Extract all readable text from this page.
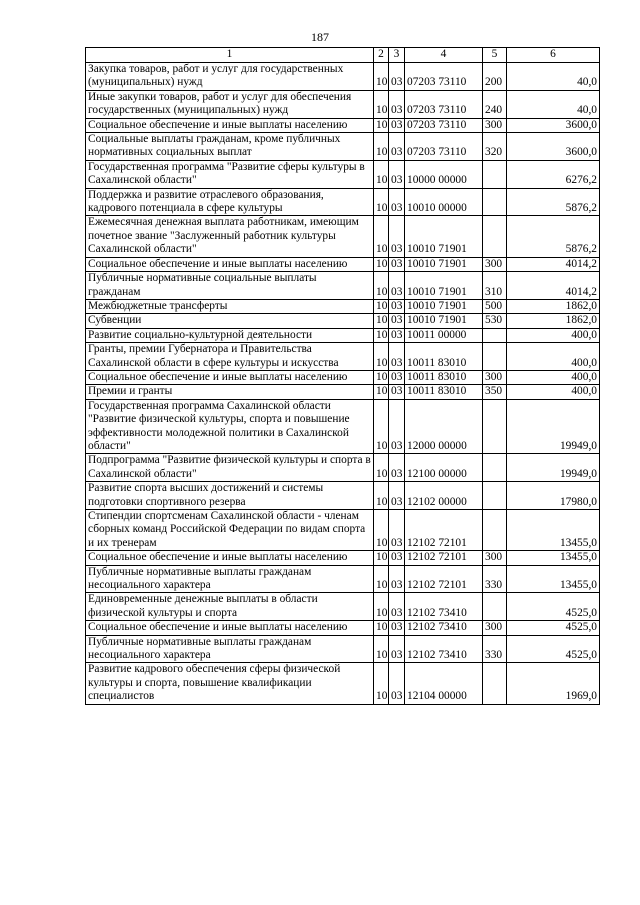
187
1	2	3	4	5	6
Закупка товаров, работ и услуг для государственных (муниципальных) нужд	10	03	07203 73110	200	40,0
Иные закупки товаров, работ и услуг для обеспечения государственных (муниципальных) нужд	10	03	07203 73110	240	40,0
Социальное обеспечение и иные выплаты населению	10	03	07203 73110	300	3600,0
Социальные выплаты гражданам, кроме публичных нормативных социальных выплат	10	03	07203 73110	320	3600,0
Государственная программа "Развитие сферы культуры в Сахалинской области"	10	03	10000 00000		6276,2
Поддержка и развитие отраслевого образования, кадрового потенциала в сфере культуры	10	03	10010 00000		5876,2
Ежемесячная денежная выплата работникам, имеющим почетное звание "Заслуженный работник культуры Сахалинской области"	10	03	10010 71901		5876,2
Социальное обеспечение и иные выплаты населению	10	03	10010 71901	300	4014,2
Публичные нормативные социальные выплаты гражданам	10	03	10010 71901	310	4014,2
Межбюджетные трансферты	10	03	10010 71901	500	1862,0
Субвенции	10	03	10010 71901	530	1862,0
Развитие социально-культурной деятельности	10	03	10011 00000		400,0
Гранты, премии Губернатора и Правительства Сахалинской области в сфере культуры и искусства	10	03	10011 83010		400,0
Социальное обеспечение и иные выплаты населению	10	03	10011 83010	300	400,0
Премии и гранты	10	03	10011 83010	350	400,0
Государственная программа Сахалинской области "Развитие физической культуры, спорта и повышение эффективности молодежной политики в Сахалинской области"	10	03	12000 00000		19949,0
Подпрограмма "Развитие физической культуры и спорта в Сахалинской области"	10	03	12100 00000		19949,0
Развитие спорта высших достижений и системы подготовки спортивного резерва	10	03	12102 00000		17980,0
Стипендии спортсменам Сахалинской области - членам сборных команд Российской Федерации по видам спорта и их тренерам	10	03	12102 72101		13455,0
Социальное обеспечение и иные выплаты населению	10	03	12102 72101	300	13455,0
Публичные нормативные выплаты гражданам несоциального характера	10	03	12102 72101	330	13455,0
Единовременные денежные выплаты в области физической культуры и спорта	10	03	12102 73410		4525,0
Социальное обеспечение и иные выплаты населению	10	03	12102 73410	300	4525,0
Публичные нормативные выплаты гражданам несоциального характера	10	03	12102 73410	330	4525,0
Развитие кадрового обеспечения сферы физической культуры и спорта, повышение квалификации специалистов	10	03	12104 00000		1969,0
